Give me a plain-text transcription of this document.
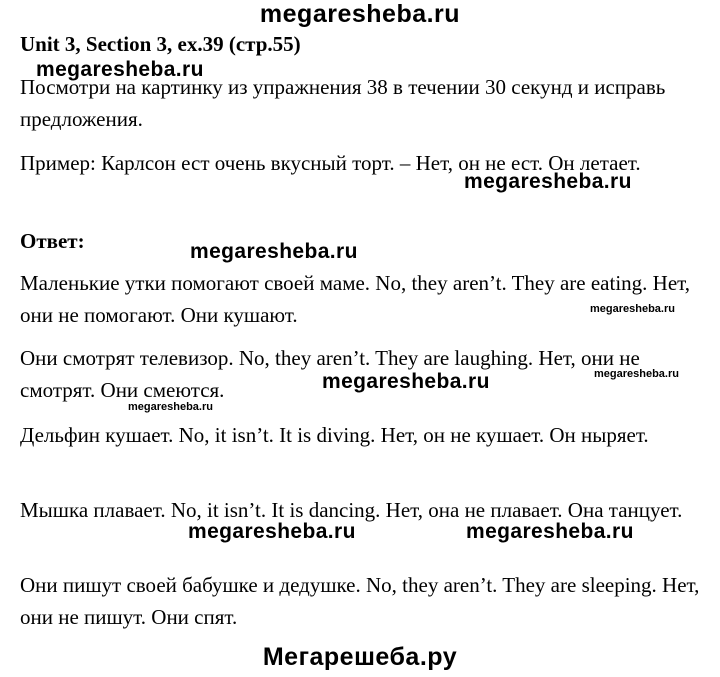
megaresheba.ru
Unit 3, Section 3, ex.39 (стр.55)
megaresheba.ru
Посмотри на картинку из упражнения 38 в течении 30 секунд и исправь предложения.
Пример: Карлсон ест очень вкусный торт. – Нет, он не ест. Он летает.
megaresheba.ru
Ответ:	megaresheba.ru
Маленькие утки помогают своей маме. No, they aren’t. They are eating. Нет, они не помогают. Они кушают.	megaresheba.ru
Они смотрят телевизор. No, they aren’t. They are laughing. Нет, они не смотрят. Они смеются.	megaresheba.ru	megaresheba.ru
megaresheba.ru
Дельфин кушает. No, it isn’t. It is diving. Нет, он не кушает. Он ныряет.
Мышка плавает. No, it isn’t. It is dancing. Нет, она не плавает. Она танцует.
megaresheba.ru	megaresheba.ru
Они пишут своей бабушке и дедушке. No, they aren’t. They are sleeping. Нет, они не пишут. Они спят.
Мегарешеба.ру
